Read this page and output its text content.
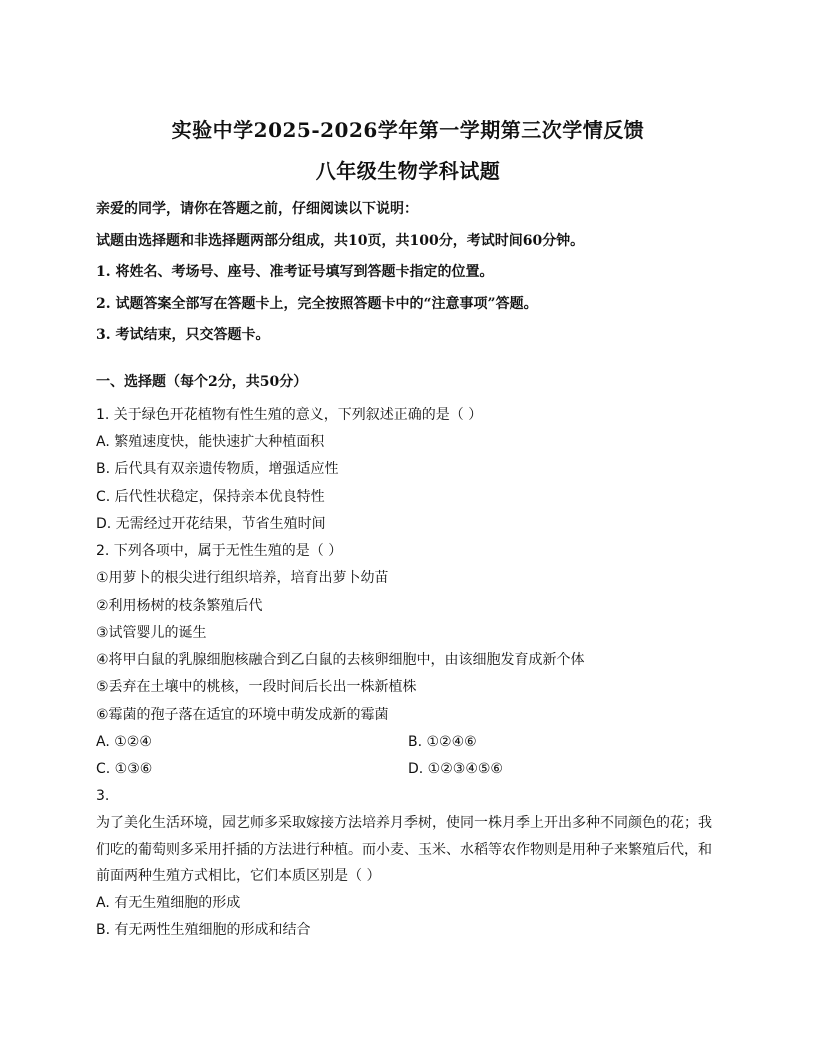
实验中学2025-2026学年第一学期第三次学情反馈
八年级生物学科试题
亲爱的同学，请你在答题之前，仔细阅读以下说明：
试题由选择题和非选择题两部分组成，共10页，共100分，考试时间60分钟。
1. 将姓名、考场号、座号、准考证号填写到答题卡指定的位置。
2. 试题答案全部写在答题卡上，完全按照答题卡中的“注意事项”答题。
3. 考试结束，只交答题卡。
一、选择题（每个2分，共50分）
1. 关于绿色开花植物有性生殖的意义，下列叙述正确的是（ ）
A. 繁殖速度快，能快速扩大种植面积
B. 后代具有双亲遗传物质，增强适应性
C. 后代性状稳定，保持亲本优良特性
D. 无需经过开花结果，节省生殖时间
2. 下列各项中，属于无性生殖的是（ ）
①用萝卜的根尖进行组织培养，培育出萝卜幼苗
②利用杨树的枝条繁殖后代
③试管婴儿的诞生
④将甲白鼠的乳腺细胞核融合到乙白鼠的去核卵细胞中，由该细胞发育成新个体
⑤丢弃在土壤中的桃核，一段时间后长出一株新植株
⑥霉菌的孢子落在适宜的环境中萌发成新的霉菌
A. ①②④	B. ①②④⑥
C. ①③⑥	D. ①②③④⑤⑥
3.
为了美化生活环境，园艺师多采取嫁接方法培养月季树，使同一株月季上开出多种不同颜色的花；我
们吃的葡萄则多采用扦插的方法进行种植。而小麦、玉米、水稻等农作物则是用种子来繁殖后代，和
前面两种生殖方式相比，它们本质区别是（ ）
A. 有无生殖细胞的形成
B. 有无两性生殖细胞的形成和结合
